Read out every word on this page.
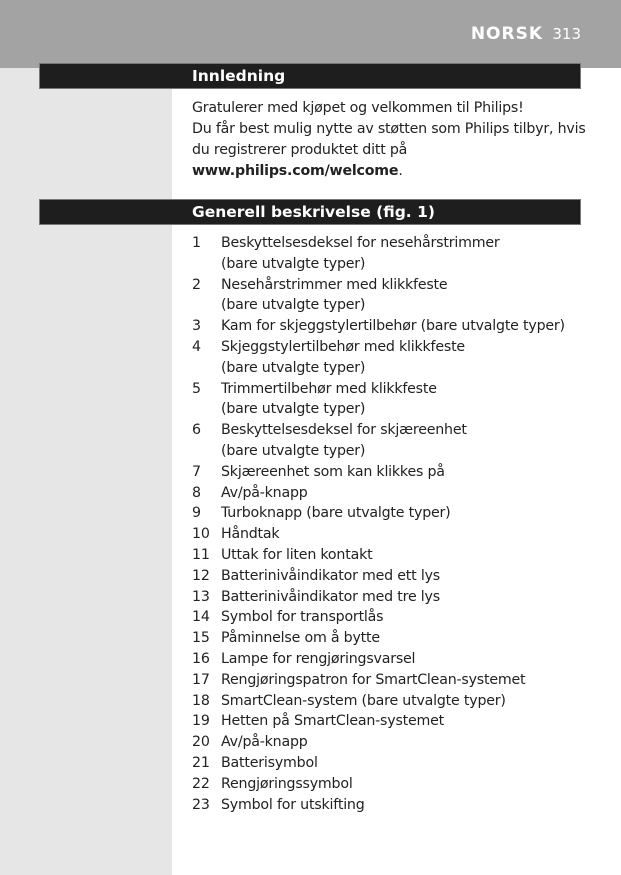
NORSK 313
Innledning

Gratulerer med kjøpet og velkommen til Philips!

Du får best mulig nytte av støtten som Philips tilbyr, hvis du registrerer produktet ditt på www.philips.com/welcome.

Generell beskrivelse (fig. 1)
1	Beskyttelsesdeksel for nesehårstrimmer
(bare utvalgte typer)
2	Nesehårstrimmer med klikkfeste
(bare utvalgte typer)
3	Kam for skjeggstylertilbehør (bare utvalgte typer)
4	Skjeggstylertilbehør med klikkfeste
(bare utvalgte typer)
5	Trimmertilbehør med klikkfeste
(bare utvalgte typer)
6	Beskyttelsesdeksel for skjæreenhet
(bare utvalgte typer)
7	Skjæreenhet som kan klikkes på
8	Av/på-knapp
9	Turboknapp (bare utvalgte typer)
10 Håndtak
11 Uttak for liten kontakt
12 Batterinivåindikator med ett lys
13 Batterinivåindikator med tre lys
14 Symbol for transportlås
15 Påminnelse om å bytte
16 Lampe for rengjøringsvarsel
17 Rengjøringspatron for SmartClean-systemet
18 SmartClean-system (bare utvalgte typer)
19 Hetten på SmartClean-systemet
20 Av/på-knapp
21 Batterisymbol
22 Rengjøringssymbol
23 Symbol for utskifting
